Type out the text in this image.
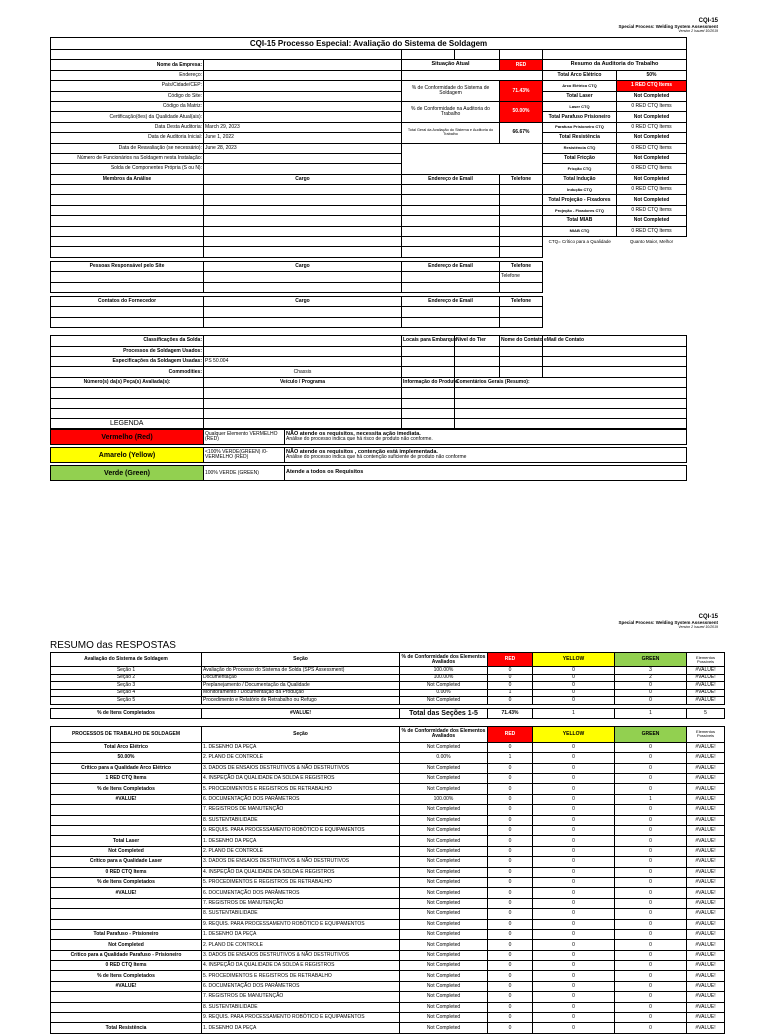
CQI-15
Special Process: Welding System Assessment
Version 2 Issued 10/2019
CQI-15 Processo Especial: Avaliação do Sistema de Soldagem

Nome da Empresa:		Situação Atual		RED	Resumo da Auditoria do Trabalho	
Endereço:					Total Arco Elétrico	50%
País/Cidade/CEP:		% de Conformidade do Sistema de Soldagem		71.43%	Arco Elétrico CTQ	1 RED CTQ Items
Código do Site:					Total Laser	Not Completed
Código da Matriz:		% de Conformidade na Auditoria do Trabalho		50.00%	Laser CTQ	0 RED CTQ Items
Certificação(ões) da Qualidade Atual(ais):					Total Parafuso Prisioneiro	Not Completed
Data Desta Auditoria:	March 29, 2023	Total Geral da Avaliação do Sistema e Auditoria do Trabalho		66.67%	Parafuso Prisioneiro CTQ	0 RED CTQ Items
Data de Auditoria Inicial:	June 1, 2022				Total Resistência	Not Completed
Data de Reavaliação (se necessário):	June 28, 2023				Resistência CTQ	0 RED CTQ Items
Número de Funcionários na Soldagem nesta Instalação:					Total Fricção	Not Completed
Solda de Componentes Própria (S ou N):					Fricção CTQ	0 RED CTQ Items
Membros da Análise	Cargo	Endereço de Email		Telefone	Total Indução	Not Completed
					Indução CTQ	0 RED CTQ Items
					Total Projeção - Fixadores	Not Completed
					Projeção - Fixadores CTQ	0 RED CTQ Items
					Total MIAB	Not Completed
					MIAB CTQ	0 RED CTQ Items
					CTQ= Crítico para a Qualidade	Quanto Maior, Melhor

Pessoas Responsável pelo Site	Cargo	Endereço de Email		Telefone		
				Telefone		

Contatos do Fornecedor	Cargo	Endereço de Email		Telefone		

Classificações da Solda:		Locais para Embarque	Nível do Tier	Nome do Contato	eMail de Contato	
Processos de Soldagem Usados:						
Especificações da Soldagem Usadas:	PS 50.004					
Commodities:	Chassis					
Número(s) da(s) Peça(s) Avaliada(s):	Veículo / Programa	Informação do Produto	Comentários Gerais (Resumo):			

LEGENDA
Vermelho (Red)	Qualquer Elemento VERMELHO (RED)	NÃO atende os requisitos, necessita ação imediata.
Análise do processo indica que há risco de produto não conforme.

Amarelo (Yellow)	<100% VERDE(GREEN) /0- VERMELHO (RED)	NÃO atende os requisitos , contenção está implementada.
Análise do processo indica que há contenção suficiente de produto não conforme

Verde (Green)	100% VERDE (GREEN)	Atende a todos os Requisitos
CQI-15
Special Process: Welding System Assessment
Version 2 Issued 10/2019
RESUMO das RESPOSTAS
Avaliação do Sistema de Soldagem	Seção	% de Conformidade dos Elementos Avaliados	RED	YELLOW	GREEN	Elementos Possíveis
Seção 1	Avaliação do Processo do Sistema de Solda (SPS Assessment)	100.00%	0	0	3	#VALUE!
Seção 2	Documentação	100.00%	0	0	2	#VALUE!
Seção 3	Preplanejamento / Documentação da Qualidade	Not Completed	0	0	0	#VALUE!
Seção 4	Monitoramento / Documentação da Produção	0.00%	1	0	0	#VALUE!
Seção 5	Procedimento e Relatório de Retrabalho ou Refugo	Not Completed	0	0	0	#VALUE!

% de Itens Completados	#VALUE!	Total das Seções 1-5	71.43%	1	1	5
PROCESSOS DE TRABALHO DE SOLDAGEM	Seção	% de Conformidade dos Elementos Avaliados	RED	YELLOW	GREEN	Elementos Possíveis
Total Arco Elétrico	1. DESENHO DA PEÇA	Not Completed	0	0	0	#VALUE!
50.00%	2. PLANO DE CONTROLE	0.00%	1	0	0	#VALUE!
Crítico para a Qualidade Arco Elétrico	3. DADOS DE ENSAIOS DESTRUTIVOS & NÃO DESTRUTIVOS	Not Completed	0	0	0	#VALUE!
1 RED CTQ Items	4. INSPEÇÃO DA QUALIDADE DA SOLDA E REGISTROS	Not Completed	0	0	0	#VALUE!
% de Itens Completados	5. PROCEDIMENTOS E REGISTROS DE RETRABALHO	Not Completed	0	0	0	#VALUE!
#VALUE!	6. DOCUMENTAÇÃO DOS PARÂMETROS	100.00%	0	0	1	#VALUE!
	7. REGISTROS DE MANUTENÇÃO	Not Completed	0	0	0	#VALUE!
	8. SUSTENTABILIDADE	Not Completed	0	0	0	#VALUE!
	9. REQUIS. PARA PROCESSAMENTO ROBÓTICO E EQUIPAMENTOS	Not Completed	0	0	0	#VALUE!
Total Laser	1. DESENHO DA PEÇA	Not Completed	0	0	0	#VALUE!
Not Completed	2. PLANO DE CONTROLE	Not Completed	0	0	0	#VALUE!
Crítico para a Qualidade Laser	3. DADOS DE ENSAIOS DESTRUTIVOS & NÃO DESTRUTIVOS	Not Completed	0	0	0	#VALUE!
0 RED CTQ Items	4. INSPEÇÃO DA QUALIDADE DA SOLDA E REGISTROS	Not Completed	0	0	0	#VALUE!
% de Itens Completados	5. PROCEDIMENTOS E REGISTROS DE RETRABALHO	Not Completed	0	0	0	#VALUE!
#VALUE!	6. DOCUMENTAÇÃO DOS PARÂMETROS	Not Completed	0	0	0	#VALUE!
	7. REGISTROS DE MANUTENÇÃO	Not Completed	0	0	0	#VALUE!
	8. SUSTENTABILIDADE	Not Completed	0	0	0	#VALUE!
	9. REQUIS. PARA PROCESSAMENTO ROBÓTICO E EQUIPAMENTOS	Not Completed	0	0	0	#VALUE!
Total Parafuso - Prisioneiro	1. DESENHO DA PEÇA	Not Completed	0	0	0	#VALUE!
Not Completed	2. PLANO DE CONTROLE	Not Completed	0	0	0	#VALUE!
Crítico para a Qualidade Parafuso - Prisioneiro	3. DADOS DE ENSAIOS DESTRUTIVOS & NÃO DESTRUTIVOS	Not Completed	0	0	0	#VALUE!
0 RED CTQ Items	4. INSPEÇÃO DA QUALIDADE DA SOLDA E REGISTROS	Not Completed	0	0	0	#VALUE!
% de Itens Completados	5. PROCEDIMENTOS E REGISTROS DE RETRABALHO	Not Completed	0	0	0	#VALUE!
#VALUE!	6. DOCUMENTAÇÃO DOS PARÂMETROS	Not Completed	0	0	0	#VALUE!
	7. REGISTROS DE MANUTENÇÃO	Not Completed	0	0	0	#VALUE!
	8. SUSTENTABILIDADE	Not Completed	0	0	0	#VALUE!
	9. REQUIS. PARA PROCESSAMENTO ROBÓTICO E EQUIPAMENTOS	Not Completed	0	0	0	#VALUE!
Total Resistência	1. DESENHO DA PEÇA	Not Completed	0	0	0	#VALUE!
